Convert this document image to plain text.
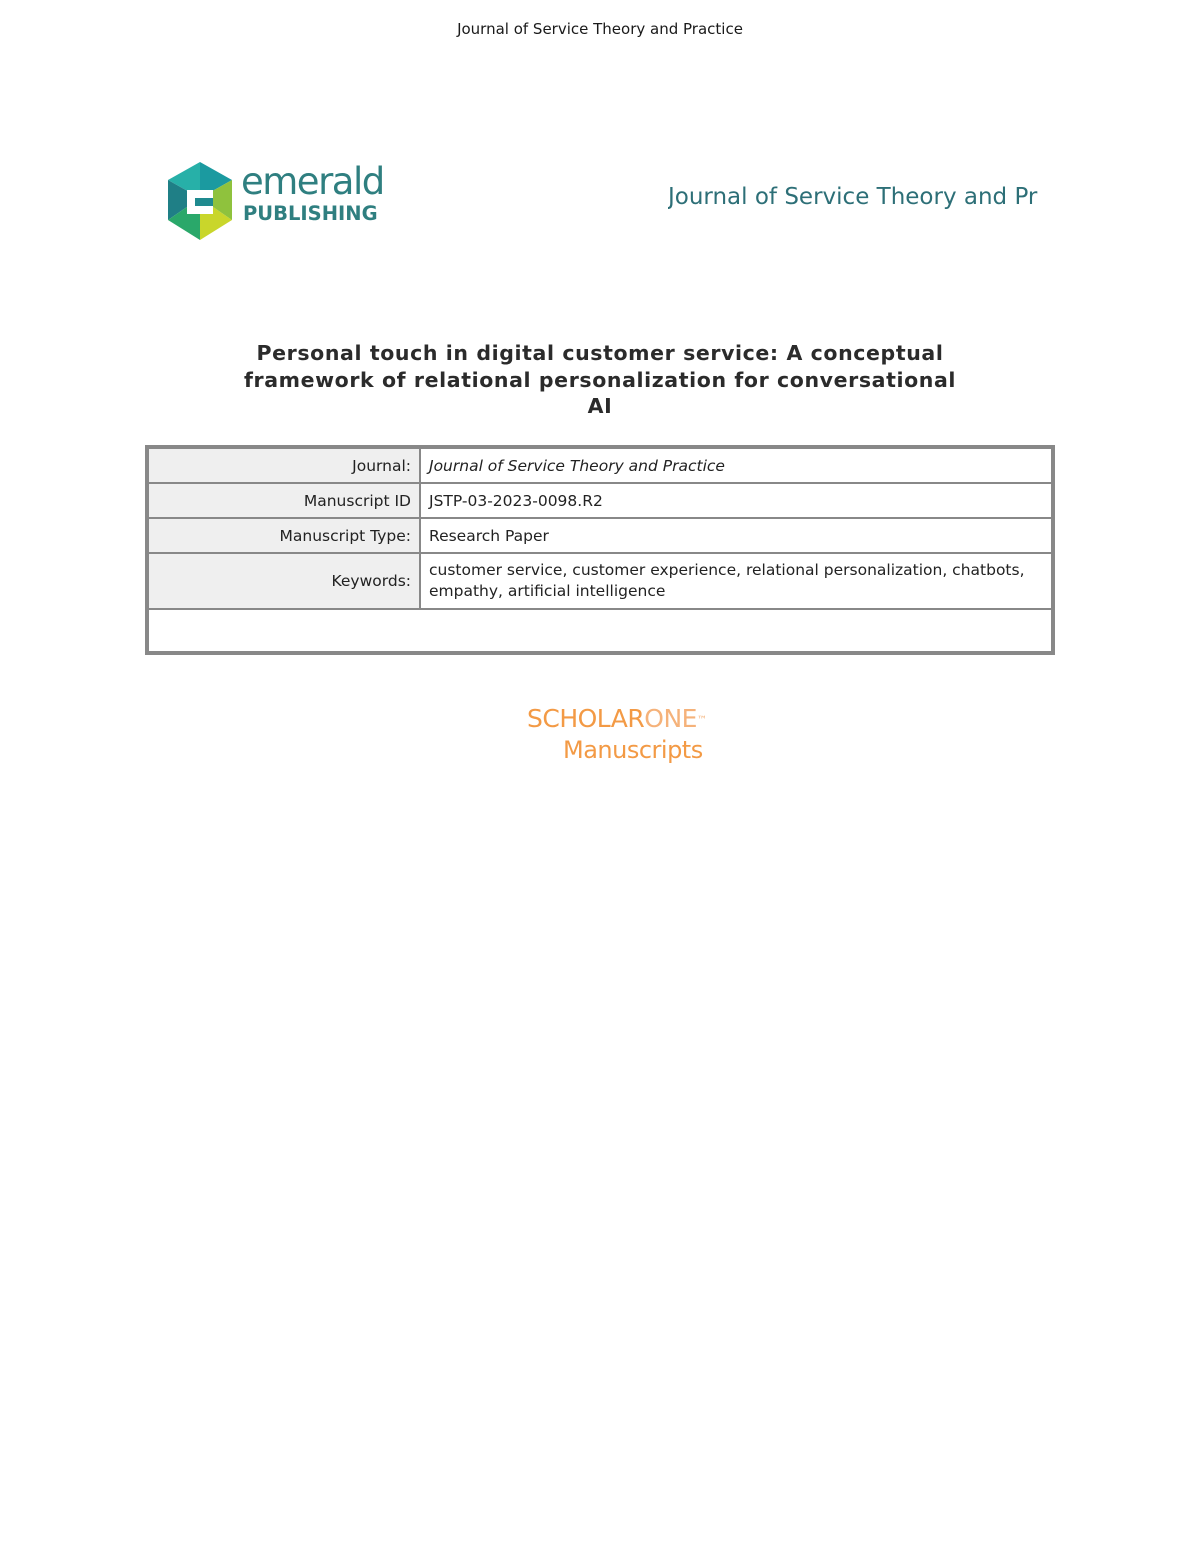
Journal of Service Theory and Practice
emerald
PUBLISHING
Journal of Service Theory and Pr
Personal touch in digital customer service: A conceptual framework of relational personalization for conversational AI
Journal:	Journal of Service Theory and Practice
Manuscript ID	JSTP-03-2023-0098.R2
Manuscript Type:	Research Paper
Keywords:	customer service, customer experience, relational personalization, chatbots, empathy, artificial intelligence

SCHOLARONE™
Manuscripts
